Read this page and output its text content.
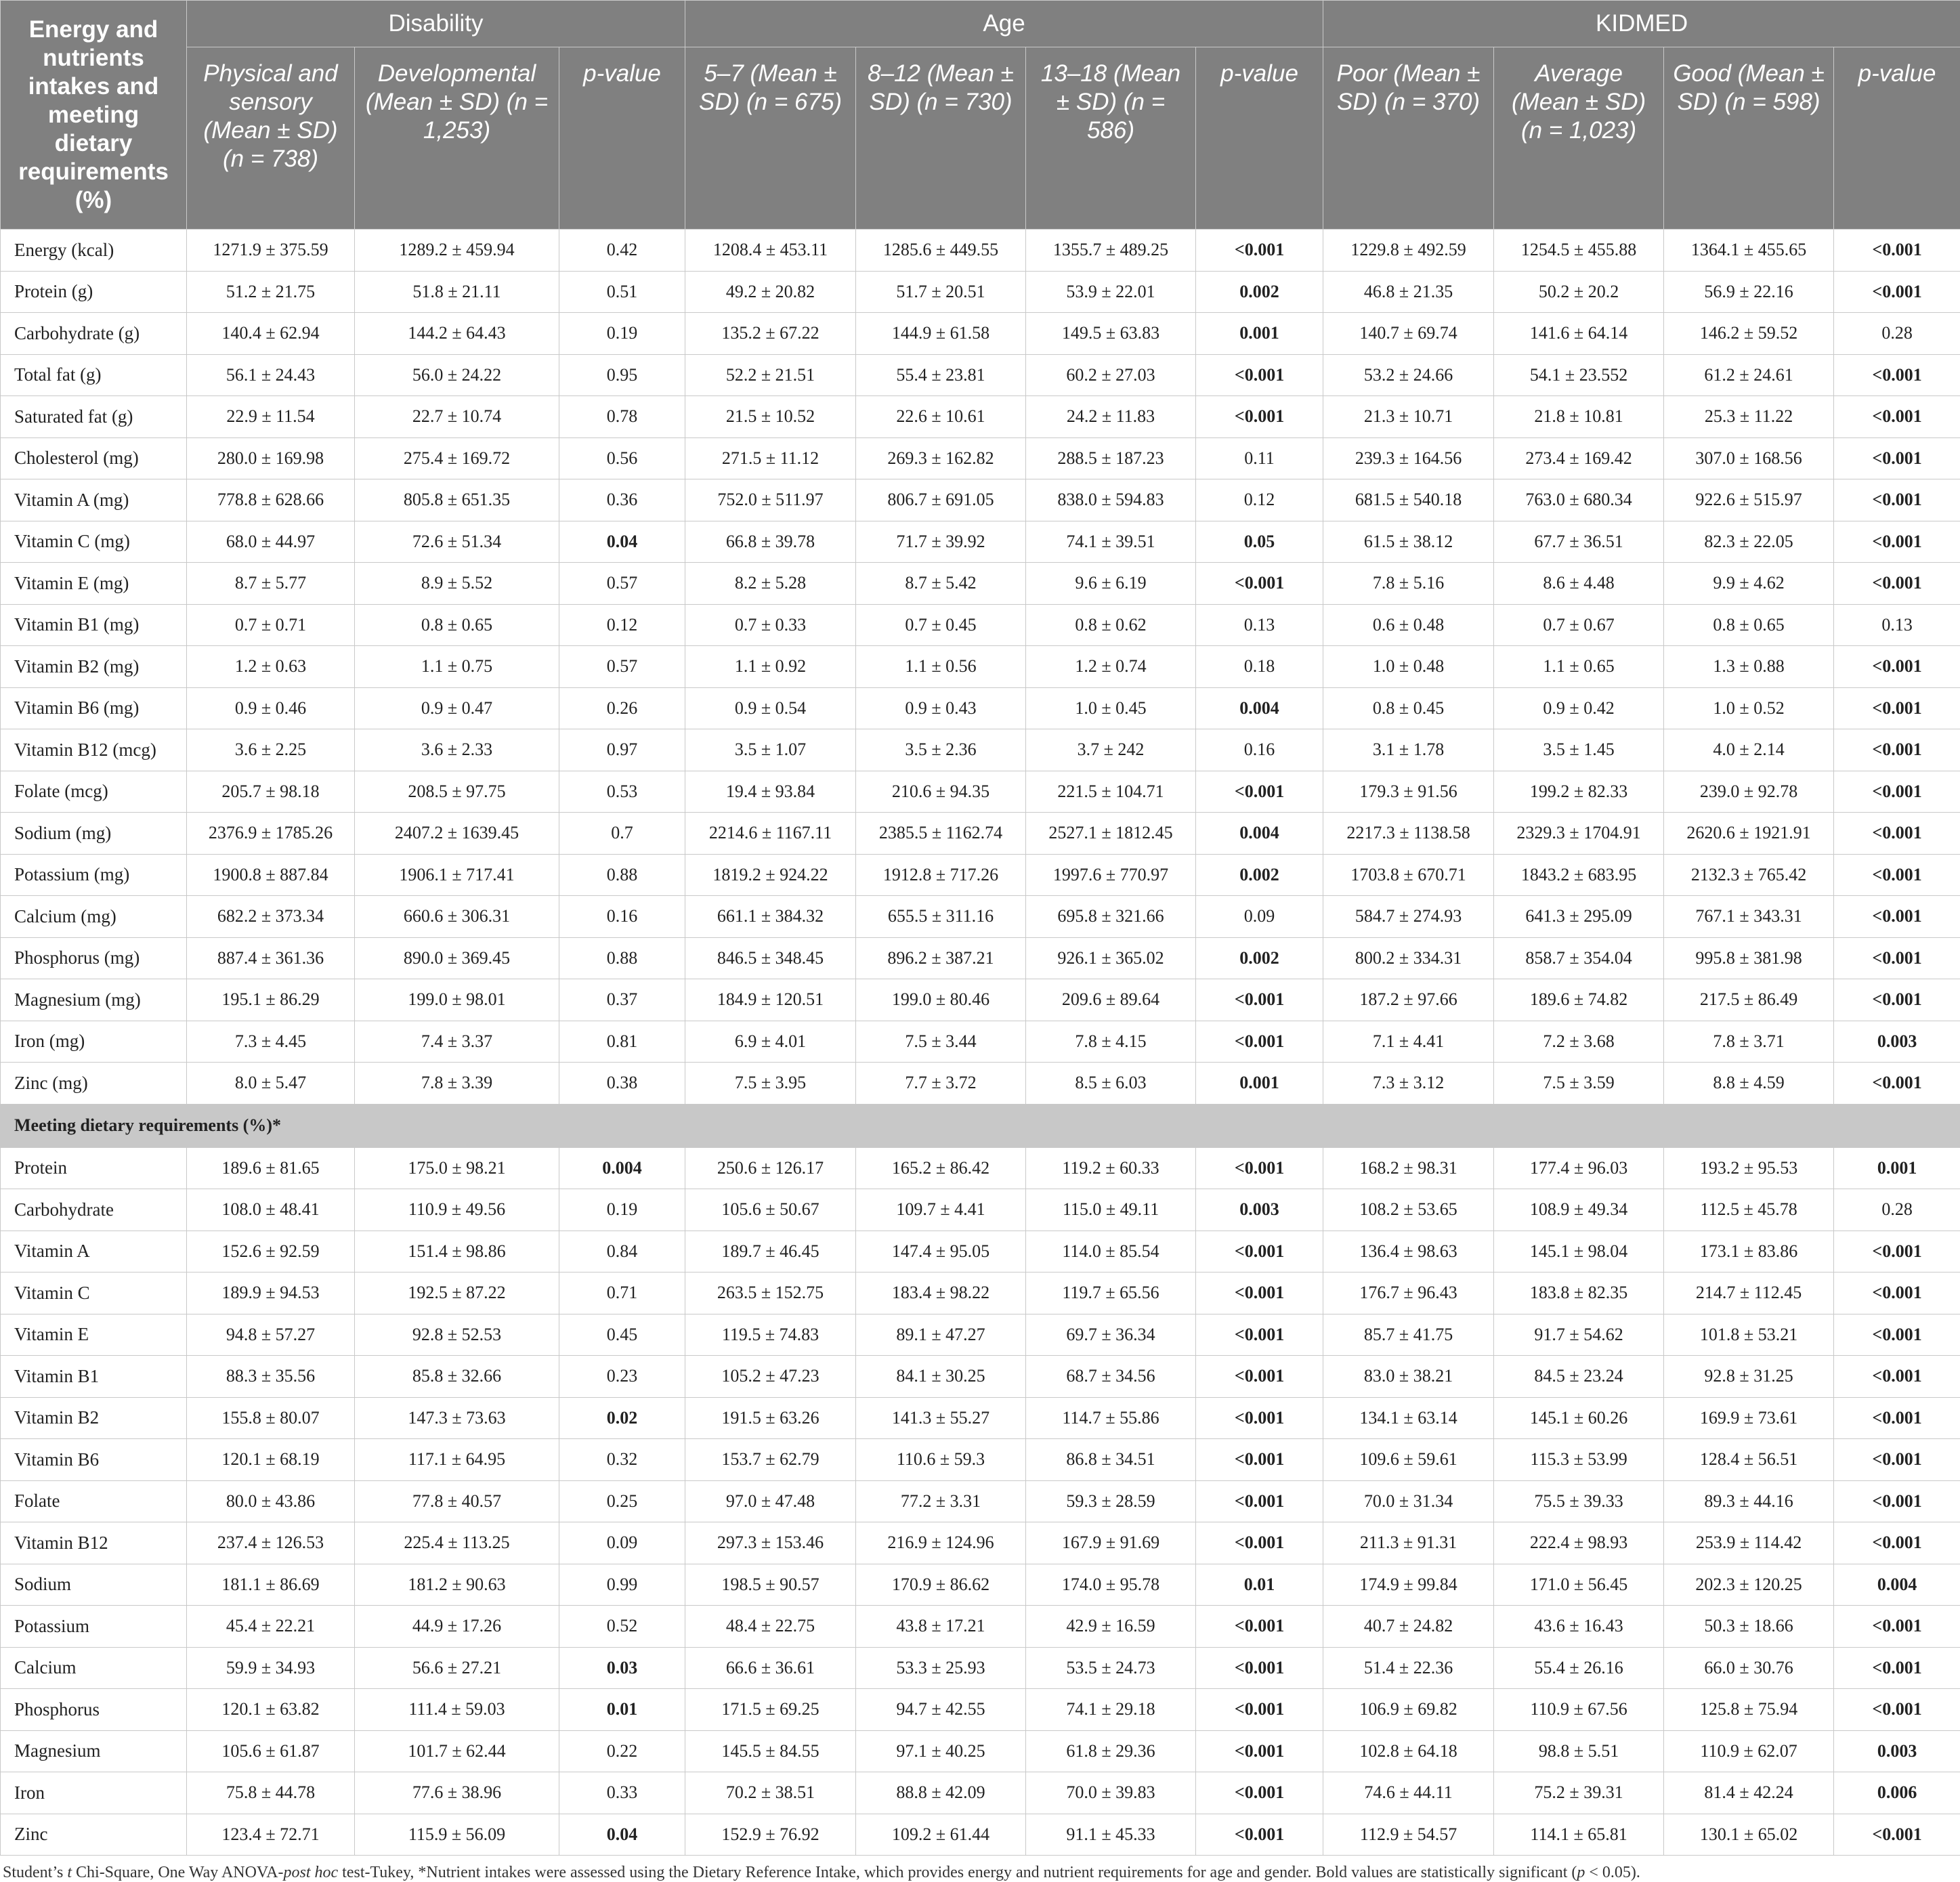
Energy and nutrients intakes and meeting dietary requirements (%)	Disability			Age				KIDMED			
	Physical and sensory (Mean ± SD) (n = 738)	Developmental (Mean ± SD) (n = 1,253)	p-value	5–7 (Mean ± SD) (n = 675)	8–12 (Mean ± SD) (n = 730)	13–18 (Mean ± SD) (n = 586)	p-value	Poor (Mean ± SD) (n = 370)	Average (Mean ± SD) (n = 1,023)	Good (Mean ± SD) (n = 598)	p-value
Energy (kcal)	1271.9 ± 375.59	1289.2 ± 459.94	0.42	1208.4 ± 453.11	1285.6 ± 449.55	1355.7 ± 489.25	<0.001	1229.8 ± 492.59	1254.5 ± 455.88	1364.1 ± 455.65	<0.001
Protein (g)	51.2 ± 21.75	51.8 ± 21.11	0.51	49.2 ± 20.82	51.7 ± 20.51	53.9 ± 22.01	0.002	46.8 ± 21.35	50.2 ± 20.2	56.9 ± 22.16	<0.001
Carbohydrate (g)	140.4 ± 62.94	144.2 ± 64.43	0.19	135.2 ± 67.22	144.9 ± 61.58	149.5 ± 63.83	0.001	140.7 ± 69.74	141.6 ± 64.14	146.2 ± 59.52	0.28
Total fat (g)	56.1 ± 24.43	56.0 ± 24.22	0.95	52.2 ± 21.51	55.4 ± 23.81	60.2 ± 27.03	<0.001	53.2 ± 24.66	54.1 ± 23.552	61.2 ± 24.61	<0.001
Saturated fat (g)	22.9 ± 11.54	22.7 ± 10.74	0.78	21.5 ± 10.52	22.6 ± 10.61	24.2 ± 11.83	<0.001	21.3 ± 10.71	21.8 ± 10.81	25.3 ± 11.22	<0.001
Cholesterol (mg)	280.0 ± 169.98	275.4 ± 169.72	0.56	271.5 ± 11.12	269.3 ± 162.82	288.5 ± 187.23	0.11	239.3 ± 164.56	273.4 ± 169.42	307.0 ± 168.56	<0.001
Vitamin A (mg)	778.8 ± 628.66	805.8 ± 651.35	0.36	752.0 ± 511.97	806.7 ± 691.05	838.0 ± 594.83	0.12	681.5 ± 540.18	763.0 ± 680.34	922.6 ± 515.97	<0.001
Vitamin C (mg)	68.0 ± 44.97	72.6 ± 51.34	0.04	66.8 ± 39.78	71.7 ± 39.92	74.1 ± 39.51	0.05	61.5 ± 38.12	67.7 ± 36.51	82.3 ± 22.05	<0.001
Vitamin E (mg)	8.7 ± 5.77	8.9 ± 5.52	0.57	8.2 ± 5.28	8.7 ± 5.42	9.6 ± 6.19	<0.001	7.8 ± 5.16	8.6 ± 4.48	9.9 ± 4.62	<0.001
Vitamin B1 (mg)	0.7 ± 0.71	0.8 ± 0.65	0.12	0.7 ± 0.33	0.7 ± 0.45	0.8 ± 0.62	0.13	0.6 ± 0.48	0.7 ± 0.67	0.8 ± 0.65	0.13
Vitamin B2 (mg)	1.2 ± 0.63	1.1 ± 0.75	0.57	1.1 ± 0.92	1.1 ± 0.56	1.2 ± 0.74	0.18	1.0 ± 0.48	1.1 ± 0.65	1.3 ± 0.88	<0.001
Vitamin B6 (mg)	0.9 ± 0.46	0.9 ± 0.47	0.26	0.9 ± 0.54	0.9 ± 0.43	1.0 ± 0.45	0.004	0.8 ± 0.45	0.9 ± 0.42	1.0 ± 0.52	<0.001
Vitamin B12 (mcg)	3.6 ± 2.25	3.6 ± 2.33	0.97	3.5 ± 1.07	3.5 ± 2.36	3.7 ± 242	0.16	3.1 ± 1.78	3.5 ± 1.45	4.0 ± 2.14	<0.001
Folate (mcg)	205.7 ± 98.18	208.5 ± 97.75	0.53	19.4 ± 93.84	210.6 ± 94.35	221.5 ± 104.71	<0.001	179.3 ± 91.56	199.2 ± 82.33	239.0 ± 92.78	<0.001
Sodium (mg)	2376.9 ± 1785.26	2407.2 ± 1639.45	0.7	2214.6 ± 1167.11	2385.5 ± 1162.74	2527.1 ± 1812.45	0.004	2217.3 ± 1138.58	2329.3 ± 1704.91	2620.6 ± 1921.91	<0.001
Potassium (mg)	1900.8 ± 887.84	1906.1 ± 717.41	0.88	1819.2 ± 924.22	1912.8 ± 717.26	1997.6 ± 770.97	0.002	1703.8 ± 670.71	1843.2 ± 683.95	2132.3 ± 765.42	<0.001
Calcium (mg)	682.2 ± 373.34	660.6 ± 306.31	0.16	661.1 ± 384.32	655.5 ± 311.16	695.8 ± 321.66	0.09	584.7 ± 274.93	641.3 ± 295.09	767.1 ± 343.31	<0.001
Phosphorus (mg)	887.4 ± 361.36	890.0 ± 369.45	0.88	846.5 ± 348.45	896.2 ± 387.21	926.1 ± 365.02	0.002	800.2 ± 334.31	858.7 ± 354.04	995.8 ± 381.98	<0.001
Magnesium (mg)	195.1 ± 86.29	199.0 ± 98.01	0.37	184.9 ± 120.51	199.0 ± 80.46	209.6 ± 89.64	<0.001	187.2 ± 97.66	189.6 ± 74.82	217.5 ± 86.49	<0.001
Iron (mg)	7.3 ± 4.45	7.4 ± 3.37	0.81	6.9 ± 4.01	7.5 ± 3.44	7.8 ± 4.15	<0.001	7.1 ± 4.41	7.2 ± 3.68	7.8 ± 3.71	0.003
Zinc (mg)	8.0 ± 5.47	7.8 ± 3.39	0.38	7.5 ± 3.95	7.7 ± 3.72	8.5 ± 6.03	0.001	7.3 ± 3.12	7.5 ± 3.59	8.8 ± 4.59	<0.001
Meeting dietary requirements (%)*											
Protein	189.6 ± 81.65	175.0 ± 98.21	0.004	250.6 ± 126.17	165.2 ± 86.42	119.2 ± 60.33	<0.001	168.2 ± 98.31	177.4 ± 96.03	193.2 ± 95.53	0.001
Carbohydrate	108.0 ± 48.41	110.9 ± 49.56	0.19	105.6 ± 50.67	109.7 ± 4.41	115.0 ± 49.11	0.003	108.2 ± 53.65	108.9 ± 49.34	112.5 ± 45.78	0.28
Vitamin A	152.6 ± 92.59	151.4 ± 98.86	0.84	189.7 ± 46.45	147.4 ± 95.05	114.0 ± 85.54	<0.001	136.4 ± 98.63	145.1 ± 98.04	173.1 ± 83.86	<0.001
Vitamin C	189.9 ± 94.53	192.5 ± 87.22	0.71	263.5 ± 152.75	183.4 ± 98.22	119.7 ± 65.56	<0.001	176.7 ± 96.43	183.8 ± 82.35	214.7 ± 112.45	<0.001
Vitamin E	94.8 ± 57.27	92.8 ± 52.53	0.45	119.5 ± 74.83	89.1 ± 47.27	69.7 ± 36.34	<0.001	85.7 ± 41.75	91.7 ± 54.62	101.8 ± 53.21	<0.001
Vitamin B1	88.3 ± 35.56	85.8 ± 32.66	0.23	105.2 ± 47.23	84.1 ± 30.25	68.7 ± 34.56	<0.001	83.0 ± 38.21	84.5 ± 23.24	92.8 ± 31.25	<0.001
Vitamin B2	155.8 ± 80.07	147.3 ± 73.63	0.02	191.5 ± 63.26	141.3 ± 55.27	114.7 ± 55.86	<0.001	134.1 ± 63.14	145.1 ± 60.26	169.9 ± 73.61	<0.001
Vitamin B6	120.1 ± 68.19	117.1 ± 64.95	0.32	153.7 ± 62.79	110.6 ± 59.3	86.8 ± 34.51	<0.001	109.6 ± 59.61	115.3 ± 53.99	128.4 ± 56.51	<0.001
Folate	80.0 ± 43.86	77.8 ± 40.57	0.25	97.0 ± 47.48	77.2 ± 3.31	59.3 ± 28.59	<0.001	70.0 ± 31.34	75.5 ± 39.33	89.3 ± 44.16	<0.001
Vitamin B12	237.4 ± 126.53	225.4 ± 113.25	0.09	297.3 ± 153.46	216.9 ± 124.96	167.9 ± 91.69	<0.001	211.3 ± 91.31	222.4 ± 98.93	253.9 ± 114.42	<0.001
Sodium	181.1 ± 86.69	181.2 ± 90.63	0.99	198.5 ± 90.57	170.9 ± 86.62	174.0 ± 95.78	0.01	174.9 ± 99.84	171.0 ± 56.45	202.3 ± 120.25	0.004
Potassium	45.4 ± 22.21	44.9 ± 17.26	0.52	48.4 ± 22.75	43.8 ± 17.21	42.9 ± 16.59	<0.001	40.7 ± 24.82	43.6 ± 16.43	50.3 ± 18.66	<0.001
Calcium	59.9 ± 34.93	56.6 ± 27.21	0.03	66.6 ± 36.61	53.3 ± 25.93	53.5 ± 24.73	<0.001	51.4 ± 22.36	55.4 ± 26.16	66.0 ± 30.76	<0.001
Phosphorus	120.1 ± 63.82	111.4 ± 59.03	0.01	171.5 ± 69.25	94.7 ± 42.55	74.1 ± 29.18	<0.001	106.9 ± 69.82	110.9 ± 67.56	125.8 ± 75.94	<0.001
Magnesium	105.6 ± 61.87	101.7 ± 62.44	0.22	145.5 ± 84.55	97.1 ± 40.25	61.8 ± 29.36	<0.001	102.8 ± 64.18	98.8 ± 5.51	110.9 ± 62.07	0.003
Iron	75.8 ± 44.78	77.6 ± 38.96	0.33	70.2 ± 38.51	88.8 ± 42.09	70.0 ± 39.83	<0.001	74.6 ± 44.11	75.2 ± 39.31	81.4 ± 42.24	0.006
Zinc	123.4 ± 72.71	115.9 ± 56.09	0.04	152.9 ± 76.92	109.2 ± 61.44	91.1 ± 45.33	<0.001	112.9 ± 54.57	114.1 ± 65.81	130.1 ± 65.02	<0.001
Student’s t Chi-Square, One Way ANOVA-post hoc test-Tukey, *Nutrient intakes were assessed using the Dietary Reference Intake, which provides energy and nutrient requirements for age and gender. Bold values are statistically significant (p < 0.05).
